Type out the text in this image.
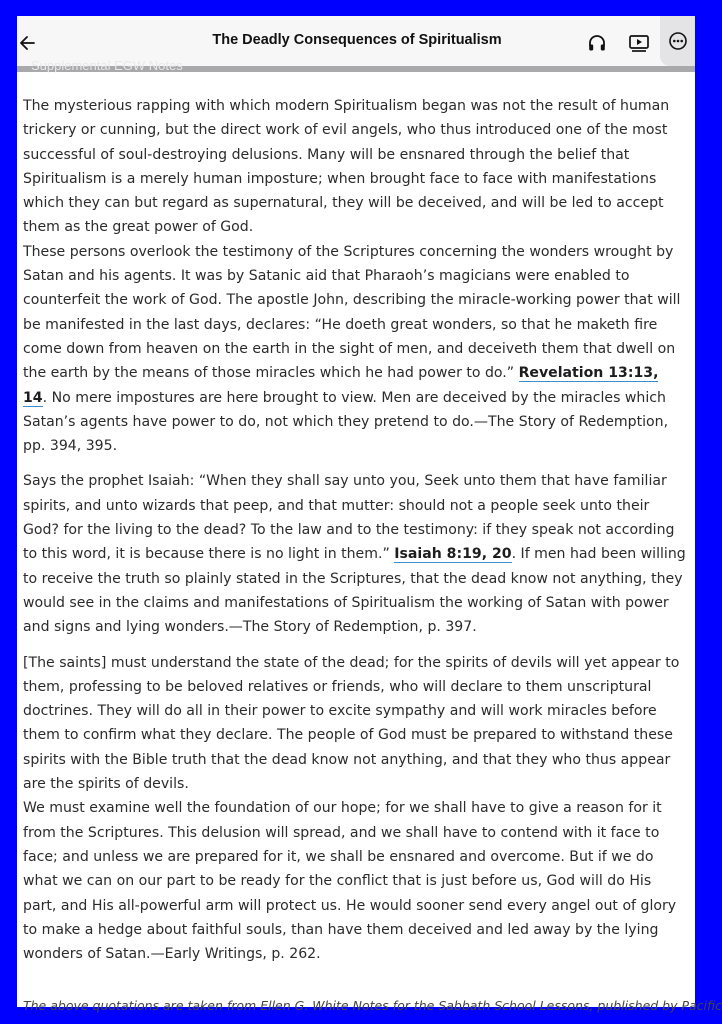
The Deadly Consequences of Spiritualism
Supplemental EGW Notes

The mysterious rapping with which modern Spiritualism began was not the result of human trickery or cunning, but the direct work of evil angels, who thus introduced one of the most successful of soul-destroying delusions. Many will be ensnared through the belief that Spiritualism is a merely human imposture; when brought face to face with manifestations which they can but regard as supernatural, they will be deceived, and will be led to accept them as the great power of God.

These persons overlook the testimony of the Scriptures concerning the wonders wrought by Satan and his agents. It was by Satanic aid that Pharaoh’s magicians were enabled to counterfeit the work of God. The apostle John, describing the miracle-working power that will be manifested in the last days, declares: “He doeth great wonders, so that he maketh fire come down from heaven on the earth in the sight of men, and deceiveth them that dwell on the earth by the means of those miracles which he had power to do.” Revelation 13:13, 14. No mere impostures are here brought to view. Men are deceived by the miracles which Satan’s agents have power to do, not which they pretend to do.—The Story of Redemption, pp. 394, 395.

Says the prophet Isaiah: “When they shall say unto you, Seek unto them that have familiar spirits, and unto wizards that peep, and that mutter: should not a people seek unto their God? for the living to the dead? To the law and to the testimony: if they speak not according to this word, it is because there is no light in them.” Isaiah 8:19, 20. If men had been willing to receive the truth so plainly stated in the Scriptures, that the dead know not anything, they would see in the claims and manifestations of Spiritualism the working of Satan with power and signs and lying wonders.—The Story of Redemption, p. 397.

[The saints] must understand the state of the dead; for the spirits of devils will yet appear to them, professing to be beloved relatives or friends, who will declare to them unscriptural doctrines. They will do all in their power to excite sympathy and will work miracles before them to confirm what they declare. The people of God must be prepared to withstand these spirits with the Bible truth that the dead know not anything, and that they who thus appear are the spirits of devils.

We must examine well the foundation of our hope; for we shall have to give a reason for it from the Scriptures. This delusion will spread, and we shall have to contend with it face to face; and unless we are prepared for it, we shall be ensnared and overcome. But if we do what we can on our part to be ready for the conflict that is just before us, God will do His part, and His all-powerful arm will protect us. He would sooner send every angel out of glory to make a hedge about faithful souls, than have them deceived and led away by the lying wonders of Satan.—Early Writings, p. 262.

The above quotations are taken from Ellen G. White Notes for the Sabbath School Lessons, published by Pacific
